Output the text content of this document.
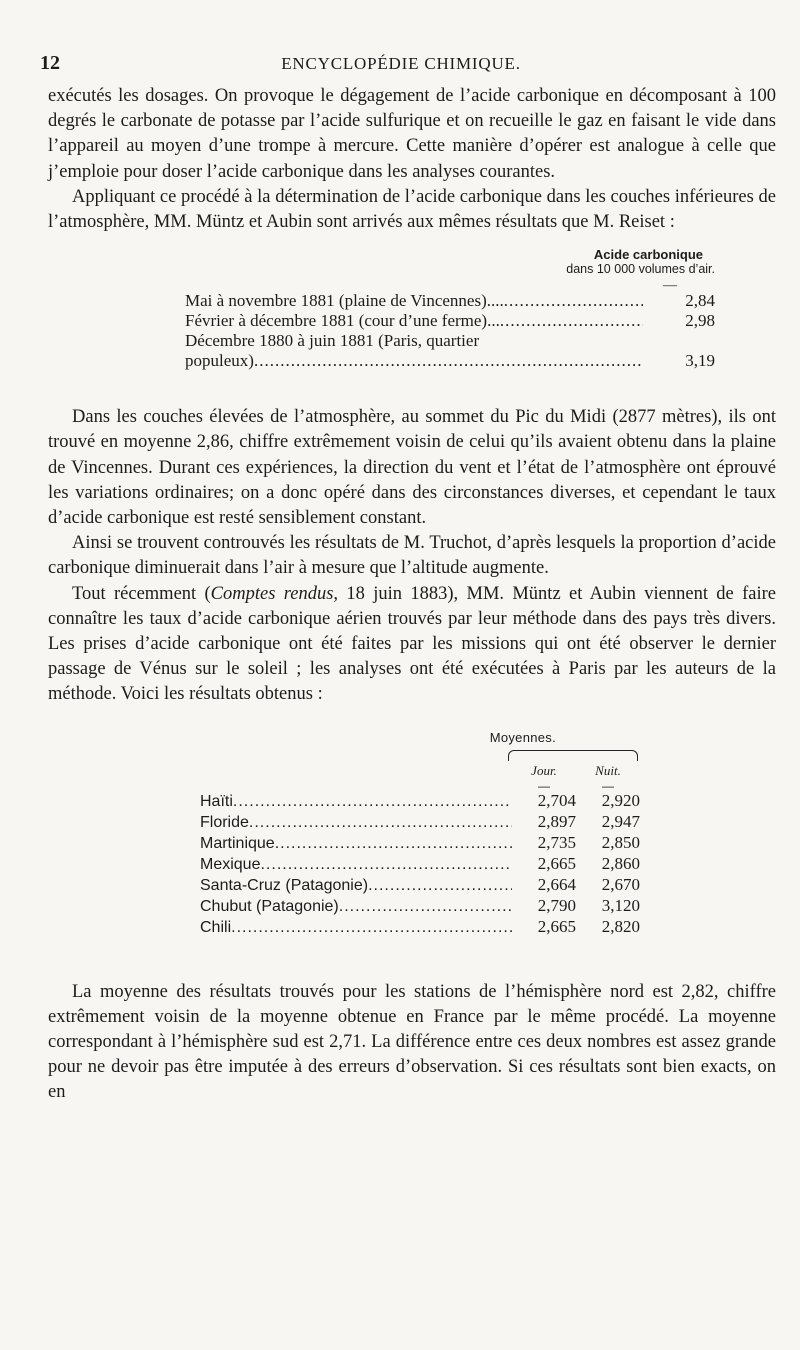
12	ENCYCLOPÉDIE CHIMIQUE.

exécutés les dosages. On provoque le dégagement de l’acide carbonique en décomposant à 100 degrés le carbonate de potasse par l’acide sulfurique et on recueille le gaz en faisant le vide dans l’appareil au moyen d’une trompe à mercure. Cette manière d’opérer est analogue à celle que j’emploie pour doser l’acide carbonique dans les analyses courantes.

Appliquant ce procédé à la détermination de l’acide carbonique dans les couches inférieures de l’atmosphère, MM. Müntz et Aubin sont arrivés aux mêmes résultats que M. Reiset :

Acide carbonique
dans 10 000 volumes d’air.
—
Mai à novembre 1881 (plaine de Vincennes).... .....	2,84
Février à décembre 1881 (cour d’une ferme)... .....	2,98
Décembre 1880 à juin 1881 (Paris, quartier
populeux) .....	3,19

Dans les couches élevées de l’atmosphère, au sommet du Pic du Midi (2877 mètres), ils ont trouvé en moyenne 2,86, chiffre extrêmement voisin de celui qu’ils avaient obtenu dans la plaine de Vincennes. Durant ces expériences, la direction du vent et l’état de l’atmosphère ont éprouvé les variations ordinaires; on a donc opéré dans des circonstances diverses, et cependant le taux d’acide carbonique est resté sensiblement constant.

Ainsi se trouvent controuvés les résultats de M. Truchot, d’après lesquels la proportion d’acide carbonique diminuerait dans l’air à mesure que l’altitude augmente.

Tout récemment (Comptes rendus, 18 juin 1883), MM. Müntz et Aubin viennent de faire connaître les taux d’acide carbonique aérien trouvés par leur méthode dans des pays très divers. Les prises d’acide carbonique ont été faites par les missions qui ont été observer le dernier passage de Vénus sur le soleil ; les analyses ont été exécutées à Paris par les auteurs de la méthode. Voici les résultats obtenus :

Moyennes.
Jour.	Nuit.
—	—
Haïti .....	2,704	2,920
Floride .....	2,897	2,947
Martinique .....	2,735	2,850
Mexique .....	2,665	2,860
Santa-Cruz (Patagonie) .....	2,664	2,670
Chubut (Patagonie) .....	2,790	3,120
Chili .....	2,665	2,820

La moyenne des résultats trouvés pour les stations de l’hémisphère nord est 2,82, chiffre extrêmement voisin de la moyenne obtenue en France par le même procédé. La moyenne correspondant à l’hémisphère sud est 2,71. La différence entre ces deux nombres est assez grande pour ne devoir pas être imputée à des erreurs d’observation. Si ces résultats sont bien exacts, on en
